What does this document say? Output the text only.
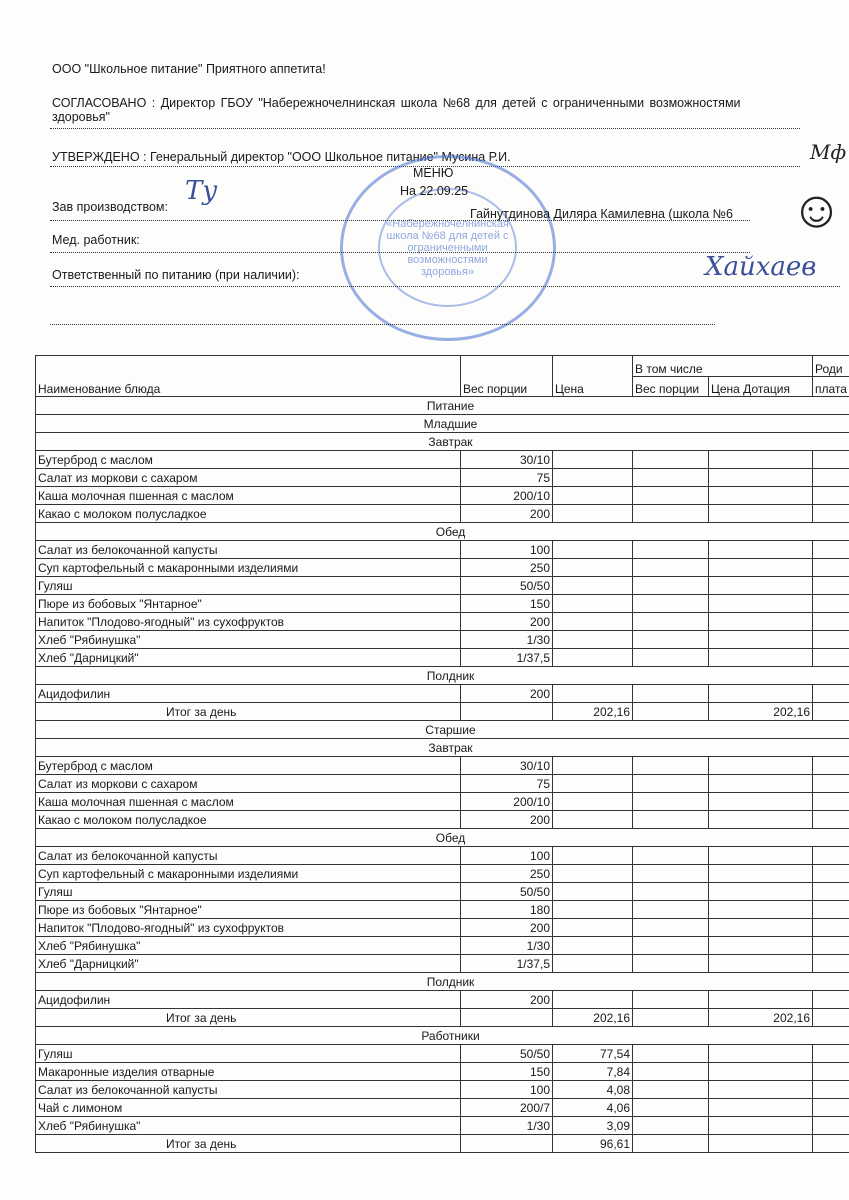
ООО "Школьное питание" Приятного аппетита!
СОГЛАСОВАНО : Директор ГБОУ "Набережночелнинская школа №68 для детей с ограниченными возможностями
здоровья"
УТВЕРЖДЕНО : Генеральный директор "ООО Школьное питание" Мусина Р.И.
«Набережночелнинская школа №68 для детей с ограниченными возможностями здоровья»
МЕНЮ
На 22.09.25
Зав производством:
Ту
Гайнутдинова Диляра Камилевна (школа №6
Мед. работник:
Ответственный по питанию (при наличии):	Хайхаев
Мф
☺
Наименование блюда	Вес порции	Цена	В том числе		Роди
			Вес порции	Цена Дотация	плата
Питание					
Младшие					
Завтрак					
Бутерброд с маслом	30/10				
Салат из моркови с сахаром	75				
Каша молочная пшенная с маслом	200/10				
Какао с молоком полусладкое	200				
Обед					
Салат из белокочанной капусты	100				
Суп картофельный с макаронными изделиями	250				
Гуляш	50/50				
Пюре из бобовых "Янтарное"	150				
Напиток "Плодово-ягодный" из сухофруктов	200				
Хлеб "Рябинушка"	1/30				
Хлеб "Дарницкий"	1/37,5				
Полдник					
Ацидофилин	200				
Итог за день		202,16		202,16	
Старшие					
Завтрак					
Бутерброд с маслом	30/10				
Салат из моркови с сахаром	75				
Каша молочная пшенная с маслом	200/10				
Какао с молоком полусладкое	200				
Обед					
Салат из белокочанной капусты	100				
Суп картофельный с макаронными изделиями	250				
Гуляш	50/50				
Пюре из бобовых "Янтарное"	180				
Напиток "Плодово-ягодный" из сухофруктов	200				
Хлеб "Рябинушка"	1/30				
Хлеб "Дарницкий"	1/37,5				
Полдник					
Ацидофилин	200				
Итог за день		202,16		202,16	
Работники					
Гуляш	50/50	77,54			
Макаронные изделия отварные	150	7,84			
Салат из белокочанной капусты	100	4,08			
Чай с лимоном	200/7	4,06			
Хлеб "Рябинушка"	1/30	3,09			
Итог за день		96,61			
